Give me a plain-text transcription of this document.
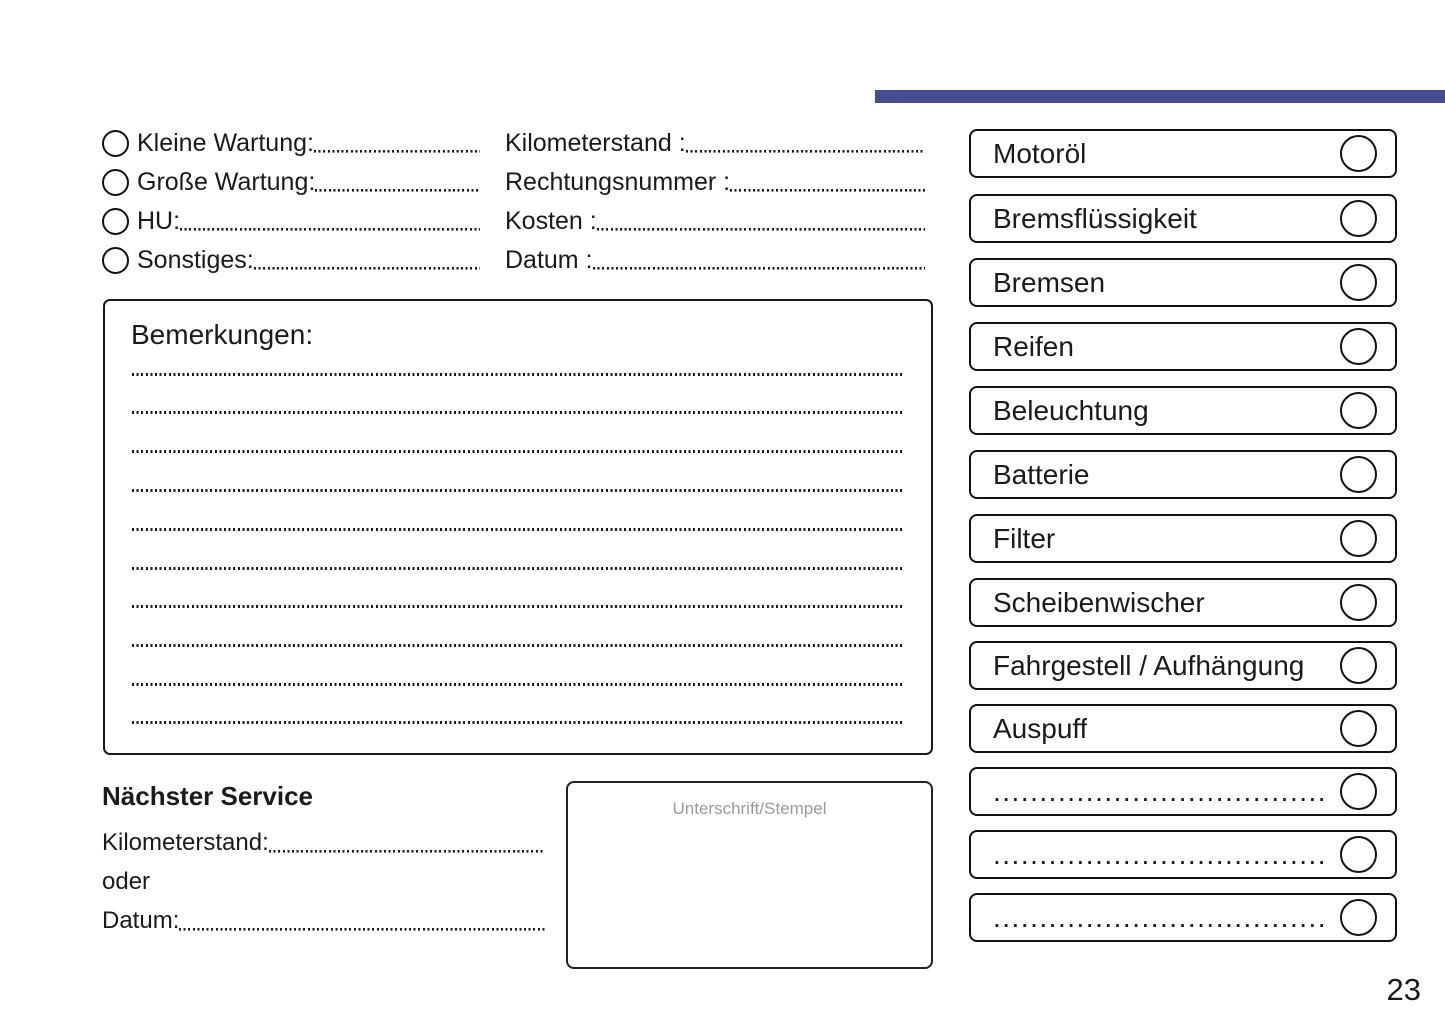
Kleine Wartung:
Große Wartung:
HU:
Sonstiges:
Kilometerstand :
Rechtungsnummer :
Kosten :
Datum :
Bemerkungen:
Nächster Service
Kilometerstand:
oder
Datum:
Unterschrift/Stempel
Motoröl
Bremsflüssigkeit
Bremsen
Reifen
Beleuchtung
Batterie
Filter
Scheibenwischer
Fahrgestell / Aufhängung
Auspuff
....................................
....................................
....................................
23
